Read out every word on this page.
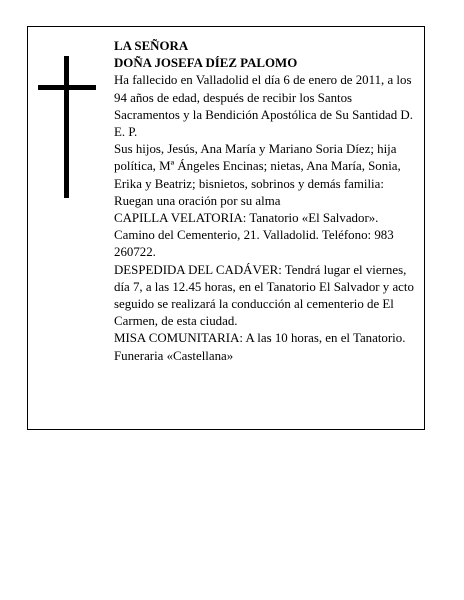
LA SEÑORA

DOÑA JOSEFA DÍEZ PALOMO

Ha fallecido en Valladolid el día 6 de enero de 2011, a los 94 años de edad, después de recibir los Santos Sacramentos y la Bendición Apostólica de Su Santidad D. E. P.

Sus hijos, Jesús, Ana María y Mariano Soria Díez; hija política, Mª Ángeles Encinas; nietas, Ana María, Sonia, Erika y Beatriz; bisnietos, sobrinos y demás familia:

Ruegan una oración por su alma

CAPILLA VELATORIA: Tanatorio «El Salvador». Camino del Cementerio, 21. Valladolid. Teléfono: 983 260722.

DESPEDIDA DEL CADÁVER: Tendrá lugar el viernes, día 7, a las 12.45 horas, en el Tanatorio El Salvador y acto seguido se realizará la conducción al cementerio de El Carmen, de esta ciudad.

MISA COMUNITARIA: A las 10 horas, en el Tanatorio.

Funeraria «Castellana»
